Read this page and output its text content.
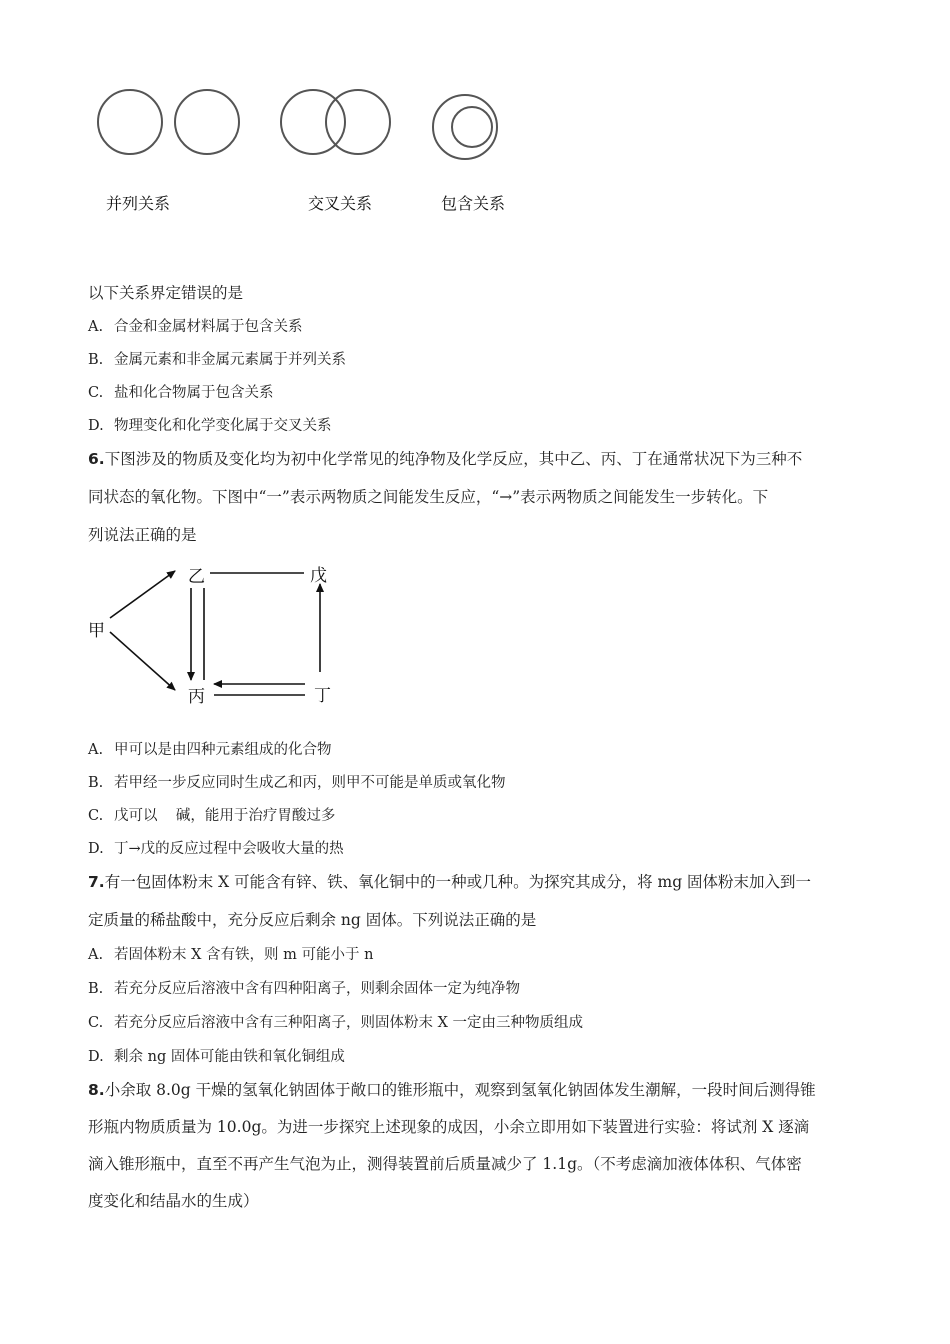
并列关系	交叉关系	包含关系
以下关系界定错误的是
A. 合金和金属材料属于包含关系
B. 金属元素和非金属元素属于并列关系
C. 盐和化合物属于包含关系
D. 物理变化和化学变化属于交叉关系
6.下图涉及的物质及变化均为初中化学常见的纯净物及化学反应，其中乙、丙、丁在通常状况下为三种不
同状态的氧化物。下图中“一”表示两物质之间能发生反应，“→”表示两物质之间能发生一步转化。下
列说法正确的是
甲
乙	戊
丙	丁
A. 甲可以是由四种元素组成的化合物
B. 若甲经一步反应同时生成乙和丙，则甲不可能是单质或氧化物
C. 戊可以    碱，能用于治疗胃酸过多
D. 丁→戊的反应过程中会吸收大量的热
7.有一包固体粉末 X 可能含有锌、铁、氧化铜中的一种或几种。为探究其成分，将 mg 固体粉末加入到一
定质量的稀盐酸中，充分反应后剩余 ng 固体。下列说法正确的是
A. 若固体粉末 X 含有铁，则 m 可能小于 n
B. 若充分反应后溶液中含有四种阳离子，则剩余固体一定为纯净物
C. 若充分反应后溶液中含有三种阳离子，则固体粉末 X 一定由三种物质组成
D. 剩余 ng 固体可能由铁和氧化铜组成
8.小余取 8.0g 干燥的氢氧化钠固体于敞口的锥形瓶中，观察到氢氧化钠固体发生潮解，一段时间后测得锥
形瓶内物质质量为 10.0g。为进一步探究上述现象的成因，小余立即用如下装置进行实验：将试剂 X 逐滴
滴入锥形瓶中，直至不再产生气泡为止，测得装置前后质量减少了 1.1g。（不考虑滴加液体体积、气体密
度变化和结晶水的生成）
